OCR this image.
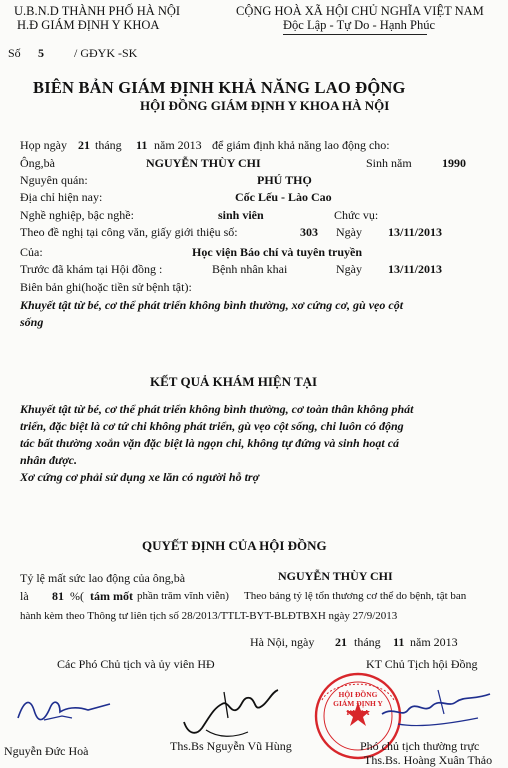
U.B.N.D THÀNH PHỐ HÀ NỘI
H.Đ GIÁM ĐỊNH Y KHOA
CỘNG HOÀ XÃ HỘI CHỦ NGHĨA VIỆT NAM
Độc Lập - Tự Do - Hạnh Phúc
Số 5	/ GĐYK -SK
BIÊN BẢN GIÁM ĐỊNH KHẢ NĂNG LAO ĐỘNG
HỘI ĐỒNG GIÁM ĐỊNH Y KHOA HÀ NỘI
Họp ngày 21 tháng 11 năm 2013 để giám định khả năng lao động cho:
Ông,bà	NGUYỄN THÙY CHI	Sinh năm	1990
Nguyên quán:	PHÚ THỌ
Địa chỉ hiện nay:	Cốc Lếu - Lào Cao
Nghề nghiệp, bậc nghề:	sinh viên	Chức vụ:
Theo đề nghị tại công văn, giấy giới thiệu số:	303 Ngày 13/11/2013
Của:	Học viện Báo chí và tuyên truyền
Trước đã khám tại Hội đồng :	Bệnh nhân khai	Ngày 13/11/2013
Biên bản ghi(hoặc tiền sử bệnh tật):
Khuyết tật từ bé, cơ thể phát triển không bình thường, xơ cứng cơ, gù vẹo cột
sống
KẾT QUẢ KHÁM HIỆN TẠI
Khuyết tật từ bé, cơ thể phát triển không bình thường, cơ toàn thân không phát
triển, đặc biệt là cơ tứ chi không phát triển, gù vẹo cột sống, chi luôn có động
tác bất thường xoắn vặn đặc biệt là ngọn chi, không tự đứng và sinh hoạt cá
nhân được.
Xơ cứng cơ phải sử dụng xe lăn có người hỗ trợ
QUYẾT ĐỊNH CỦA HỘI ĐỒNG
Tỷ lệ mất sức lao động của ông,bà	NGUYỄN THÙY CHI
là 81 %( tám mốt phần trăm vĩnh viễn) Theo bảng tỷ lệ tổn thương cơ thể do bệnh, tật ban
hành kèm theo Thông tư liên tịch số 28/2013/TTLT-BYT-BLĐTBXH ngày 27/9/2013
Hà Nội, ngày 21 tháng 11 năm 2013
Các Phó Chủ tịch và ủy viên HĐ	KT Chủ Tịch hội Đồng
HỘI ĐỒNG GIÁM ĐỊNH Y KHOA
Nguyễn Đức Hoà	Ths.Bs Nguyễn Vũ Hùng	Phó chủ tịch thường trực
Ths.Bs. Hoàng Xuân Thảo
